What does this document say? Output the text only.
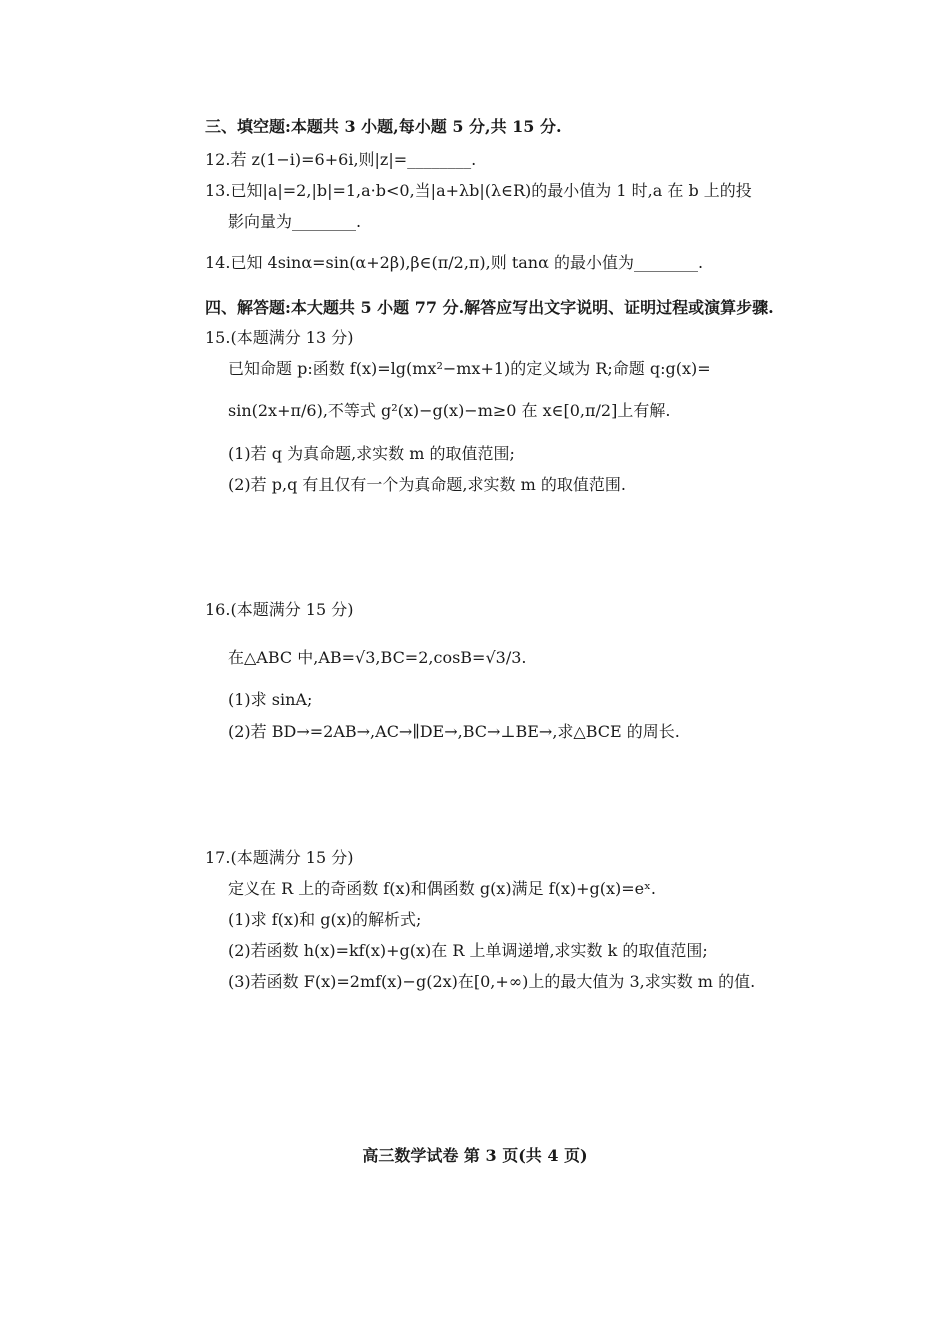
三、填空题:本题共 3 小题,每小题 5 分,共 15 分.
12.若 z(1−i)=6+6i,则|z|=________.
13.已知|a|=2,|b|=1,a·b<0,当|a+λb|(λ∈R)的最小值为 1 时,a 在 b 上的投
影向量为________.
14.已知 4sinα=sin(α+2β),β∈(π/2,π),则 tanα 的最小值为________.
四、解答题:本大题共 5 小题 77 分.解答应写出文字说明、证明过程或演算步骤.
15.(本题满分 13 分)
已知命题 p:函数 f(x)=lg(mx²−mx+1)的定义域为 R;命题 q:g(x)=
sin(2x+π/6),不等式 g²(x)−g(x)−m≥0 在 x∈[0,π/2]上有解.
(1)若 q 为真命题,求实数 m 的取值范围;
(2)若 p,q 有且仅有一个为真命题,求实数 m 的取值范围.
16.(本题满分 15 分)
在△ABC 中,AB=√3,BC=2,cosB=√3/3.
(1)求 sinA;
(2)若 BD→=2AB→,AC→∥DE→,BC→⊥BE→,求△BCE 的周长.
17.(本题满分 15 分)
定义在 R 上的奇函数 f(x)和偶函数 g(x)满足 f(x)+g(x)=eˣ.
(1)求 f(x)和 g(x)的解析式;
(2)若函数 h(x)=kf(x)+g(x)在 R 上单调递增,求实数 k 的取值范围;
(3)若函数 F(x)=2mf(x)−g(2x)在[0,+∞)上的最大值为 3,求实数 m 的值.
高三数学试卷 第 3 页(共 4 页)
